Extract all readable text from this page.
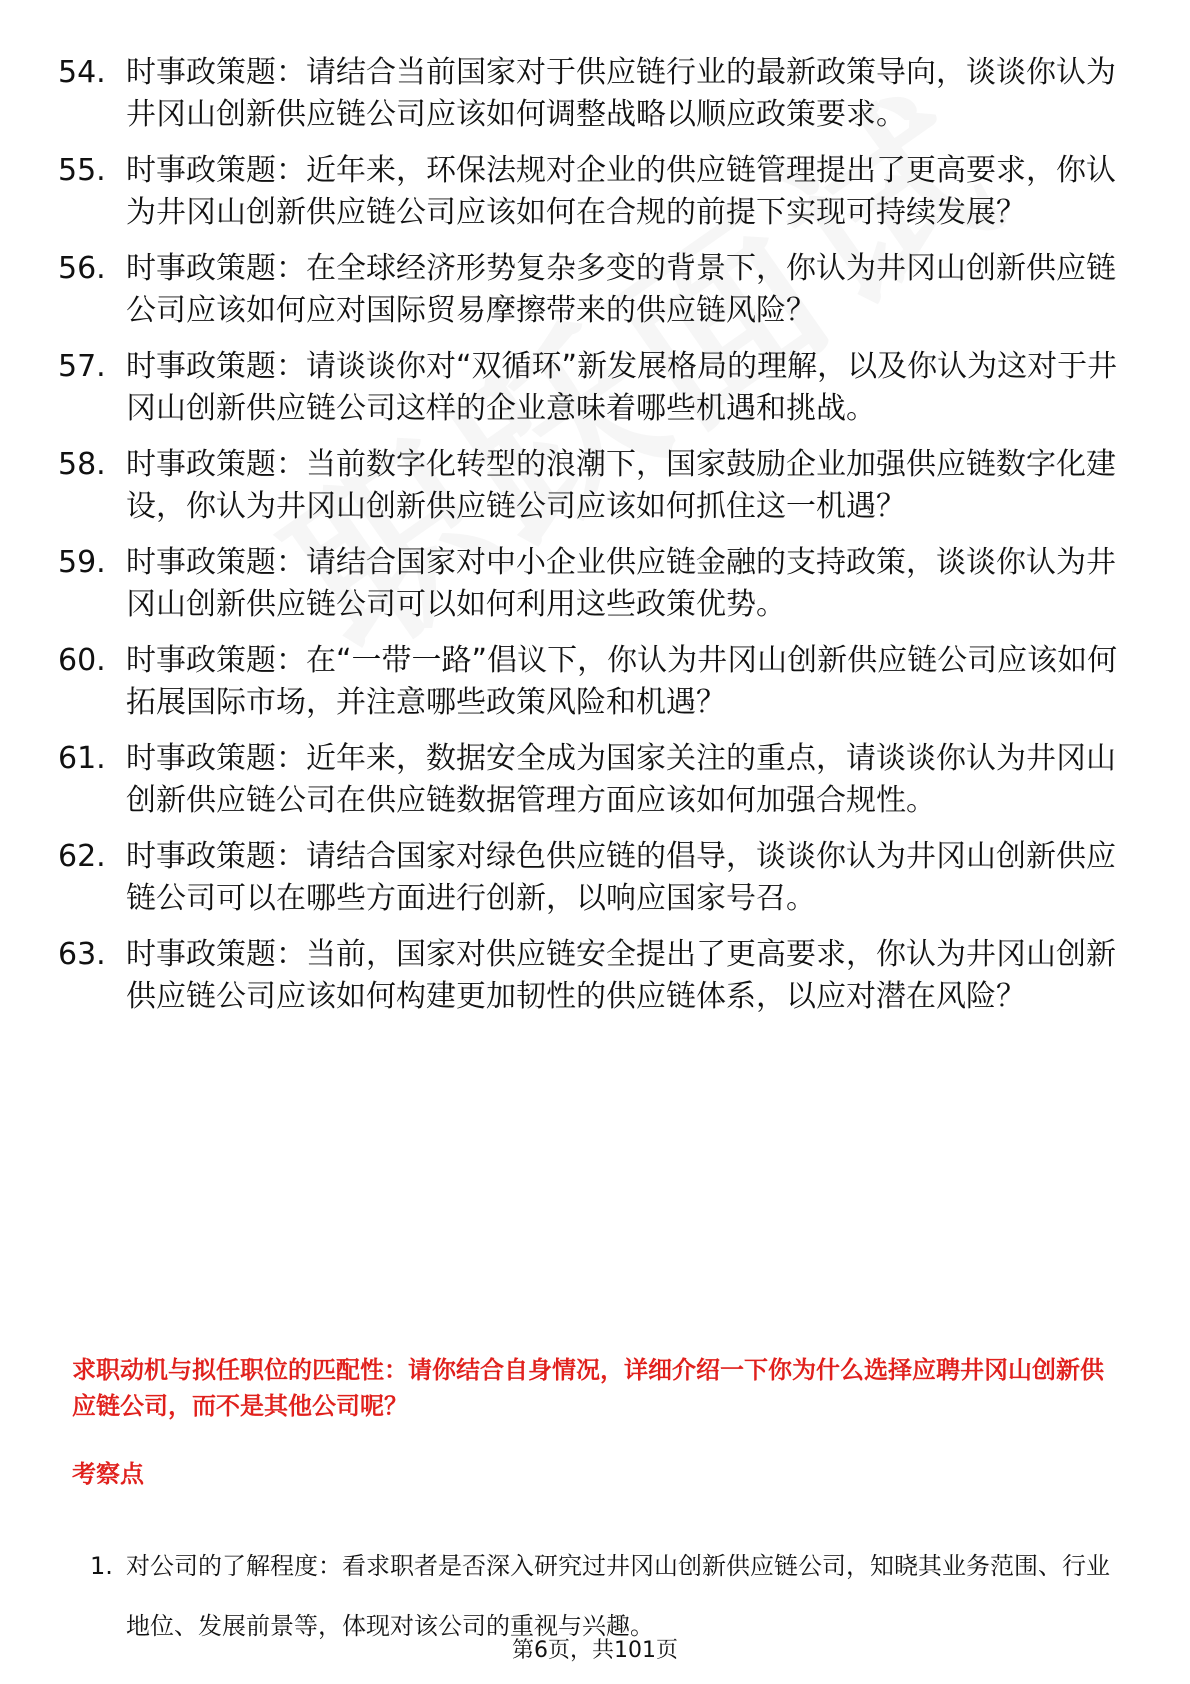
54. 时事政策题：请结合当前国家对于供应链行业的最新政策导向，谈谈你认为井冈山创新供应链公司应该如何调整战略以顺应政策要求。
55. 时事政策题：近年来，环保法规对企业的供应链管理提出了更高要求，你认为井冈山创新供应链公司应该如何在合规的前提下实现可持续发展？
56. 时事政策题：在全球经济形势复杂多变的背景下，你认为井冈山创新供应链公司应该如何应对国际贸易摩擦带来的供应链风险？
57. 时事政策题：请谈谈你对“双循环”新发展格局的理解，以及你认为这对于井冈山创新供应链公司这样的企业意味着哪些机遇和挑战。
58. 时事政策题：当前数字化转型的浪潮下，国家鼓励企业加强供应链数字化建设，你认为井冈山创新供应链公司应该如何抓住这一机遇？
59. 时事政策题：请结合国家对中小企业供应链金融的支持政策，谈谈你认为井冈山创新供应链公司可以如何利用这些政策优势。
60. 时事政策题：在“一带一路”倡议下，你认为井冈山创新供应链公司应该如何拓展国际市场，并注意哪些政策风险和机遇？
61. 时事政策题：近年来，数据安全成为国家关注的重点，请谈谈你认为井冈山创新供应链公司在供应链数据管理方面应该如何加强合规性。
62. 时事政策题：请结合国家对绿色供应链的倡导，谈谈你认为井冈山创新供应链公司可以在哪些方面进行创新，以响应国家号召。
63. 时事政策题：当前，国家对供应链安全提出了更高要求，你认为井冈山创新供应链公司应该如何构建更加韧性的供应链体系，以应对潜在风险？
求职动机与拟任职位的匹配性：请你结合自身情况，详细介绍一下你为什么选择应聘井冈山创新供应链公司，而不是其他公司呢？
考察点
1. 对公司的了解程度：看求职者是否深入研究过井冈山创新供应链公司，知晓其业务范围、行业地位、发展前景等，体现对该公司的重视与兴趣。
第6页，共101页
